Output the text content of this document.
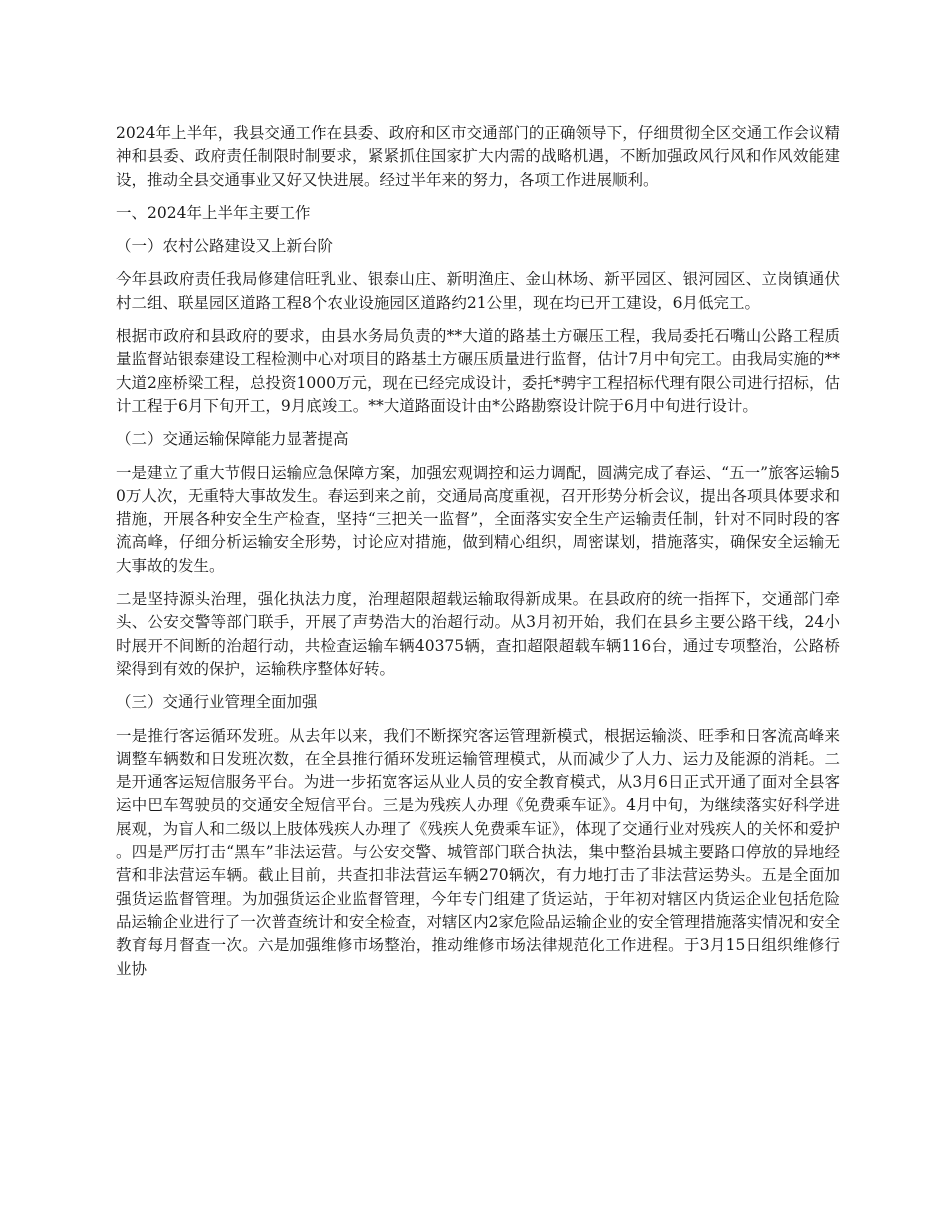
2024年上半年，我县交通工作在县委、政府和区市交通部门的正确领导下，仔细贯彻全区交通工作会议精神和县委、政府责任制限时制要求，紧紧抓住国家扩大内需的战略机遇，不断加强政风行风和作风效能建设，推动全县交通事业又好又快进展。经过半年来的努力，各项工作进展顺利。

一、2024年上半年主要工作

（一）农村公路建设又上新台阶

今年县政府责任我局修建信旺乳业、银泰山庄、新明渔庄、金山林场、新平园区、银河园区、立岗镇通伏村二组、联星园区道路工程8个农业设施园区道路约21公里，现在均已开工建设，6月低完工。

根据市政府和县政府的要求，由县水务局负责的**大道的路基土方碾压工程，我局委托石嘴山公路工程质量监督站银泰建设工程检测中心对项目的路基土方碾压质量进行监督，估计7月中旬完工。由我局实施的**大道2座桥梁工程，总投资1000万元，现在已经完成设计，委托*骋宇工程招标代理有限公司进行招标，估计工程于6月下旬开工，9月底竣工。**大道路面设计由*公路勘察设计院于6月中旬进行设计。

（二）交通运输保障能力显著提高

一是建立了重大节假日运输应急保障方案，加强宏观调控和运力调配，圆满完成了春运、“五一”旅客运输50万人次，无重特大事故发生。春运到来之前，交通局高度重视，召开形势分析会议，提出各项具体要求和措施，开展各种安全生产检查，坚持“三把关一监督”，全面落实安全生产运输责任制，针对不同时段的客流高峰，仔细分析运输安全形势，讨论应对措施，做到精心组织，周密谋划，措施落实，确保安全运输无大事故的发生。

二是坚持源头治理，强化执法力度，治理超限超载运输取得新成果。在县政府的统一指挥下，交通部门牵头、公安交警等部门联手，开展了声势浩大的治超行动。从3月初开始，我们在县乡主要公路干线，24小时展开不间断的治超行动，共检查运输车辆40375辆，查扣超限超载车辆116台，通过专项整治，公路桥梁得到有效的保护，运输秩序整体好转。

（三）交通行业管理全面加强

一是推行客运循环发班。从去年以来，我们不断探究客运管理新模式，根据运输淡、旺季和日客流高峰来调整车辆数和日发班次数，在全县推行循环发班运输管理模式，从而减少了人力、运力及能源的消耗。二是开通客运短信服务平台。为进一步拓宽客运从业人员的安全教育模式，从3月6日正式开通了面对全县客运中巴车驾驶员的交通安全短信平台。三是为残疾人办理《免费乘车证》。4月中旬，为继续落实好科学进展观，为盲人和二级以上肢体残疾人办理了《残疾人免费乘车证》，体现了交通行业对残疾人的关怀和爱护。四是严厉打击“黑车”非法运营。与公安交警、城管部门联合执法，集中整治县城主要路口停放的异地经营和非法营运车辆。截止目前，共查扣非法营运车辆270辆次，有力地打击了非法营运势头。五是全面加强货运监督管理。为加强货运企业监督管理，今年专门组建了货运站，于年初对辖区内货运企业包括危险品运输企业进行了一次普查统计和安全检查，对辖区内2家危险品运输企业的安全管理措施落实情况和安全教育每月督查一次。六是加强维修市场整治，推动维修市场法律规范化工作进程。于3月15日组织维修行业协
